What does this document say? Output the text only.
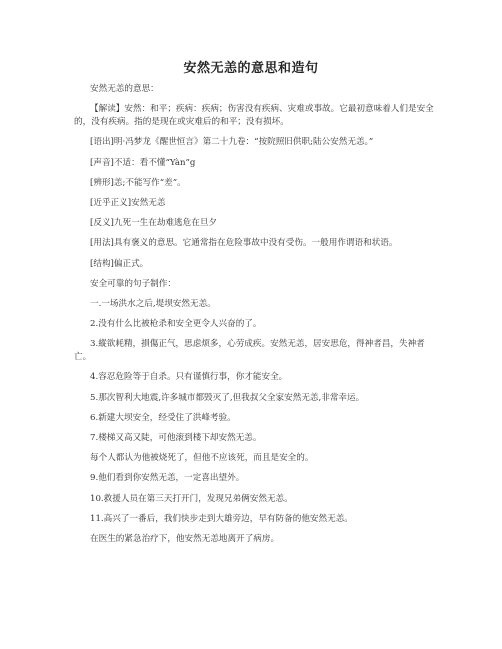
安然无恙的意思和造句

安然无恙的意思：

【解读】安然：和平；疾病：疾病；伤害没有疾病、灾难或事故。它最初意味着人们是安全的，没有疾病。指的是现在或灾难后的和平；没有损坏。

[语出]明·冯梦龙《醒世恒言》第二十九卷：“按院照旧供职;陆公安然无恙。”

[声音]不适：看不懂“Yàn”g

[辨形]恙;不能写作“差”。

[近乎正义]安然无恙

[反义]九死一生在劫难逃危在旦夕

[用法]具有褒义的意思。它通常指在危险事故中没有受伤。一般用作谓语和状语。

[结构]偏正式。

安全可靠的句子制作：

一.一场洪水之后,堤坝安然无恙。

2.没有什么比被枪杀和安全更令人兴奋的了。

3.縱欲耗精，損傷正气，思虑烦多，心劳成疾。安然无恙，居安思危，得神者昌，失神者亡。

4.容忍危险等于自杀。只有谨慎行事，你才能安全。

5.那次智利大地震,许多城市都毁灭了,但我叔父全家安然无恙,非常幸运。

6.新建大坝安全，经受住了洪峰考验。

7.楼梯又高又陡，可他滚到楼下却安然无恙。

每个人都认为他被烧死了，但他不应该死，而且是安全的。

9.他们看到你安然无恙，一定喜出望外。

10.救援人员在第三天打开门，发现兄弟俩安然无恙。

11.高兴了一番后，我们快步走到大雄旁边，早有防备的他安然无恙。

在医生的紧急治疗下，他安然无恙地离开了病房。
